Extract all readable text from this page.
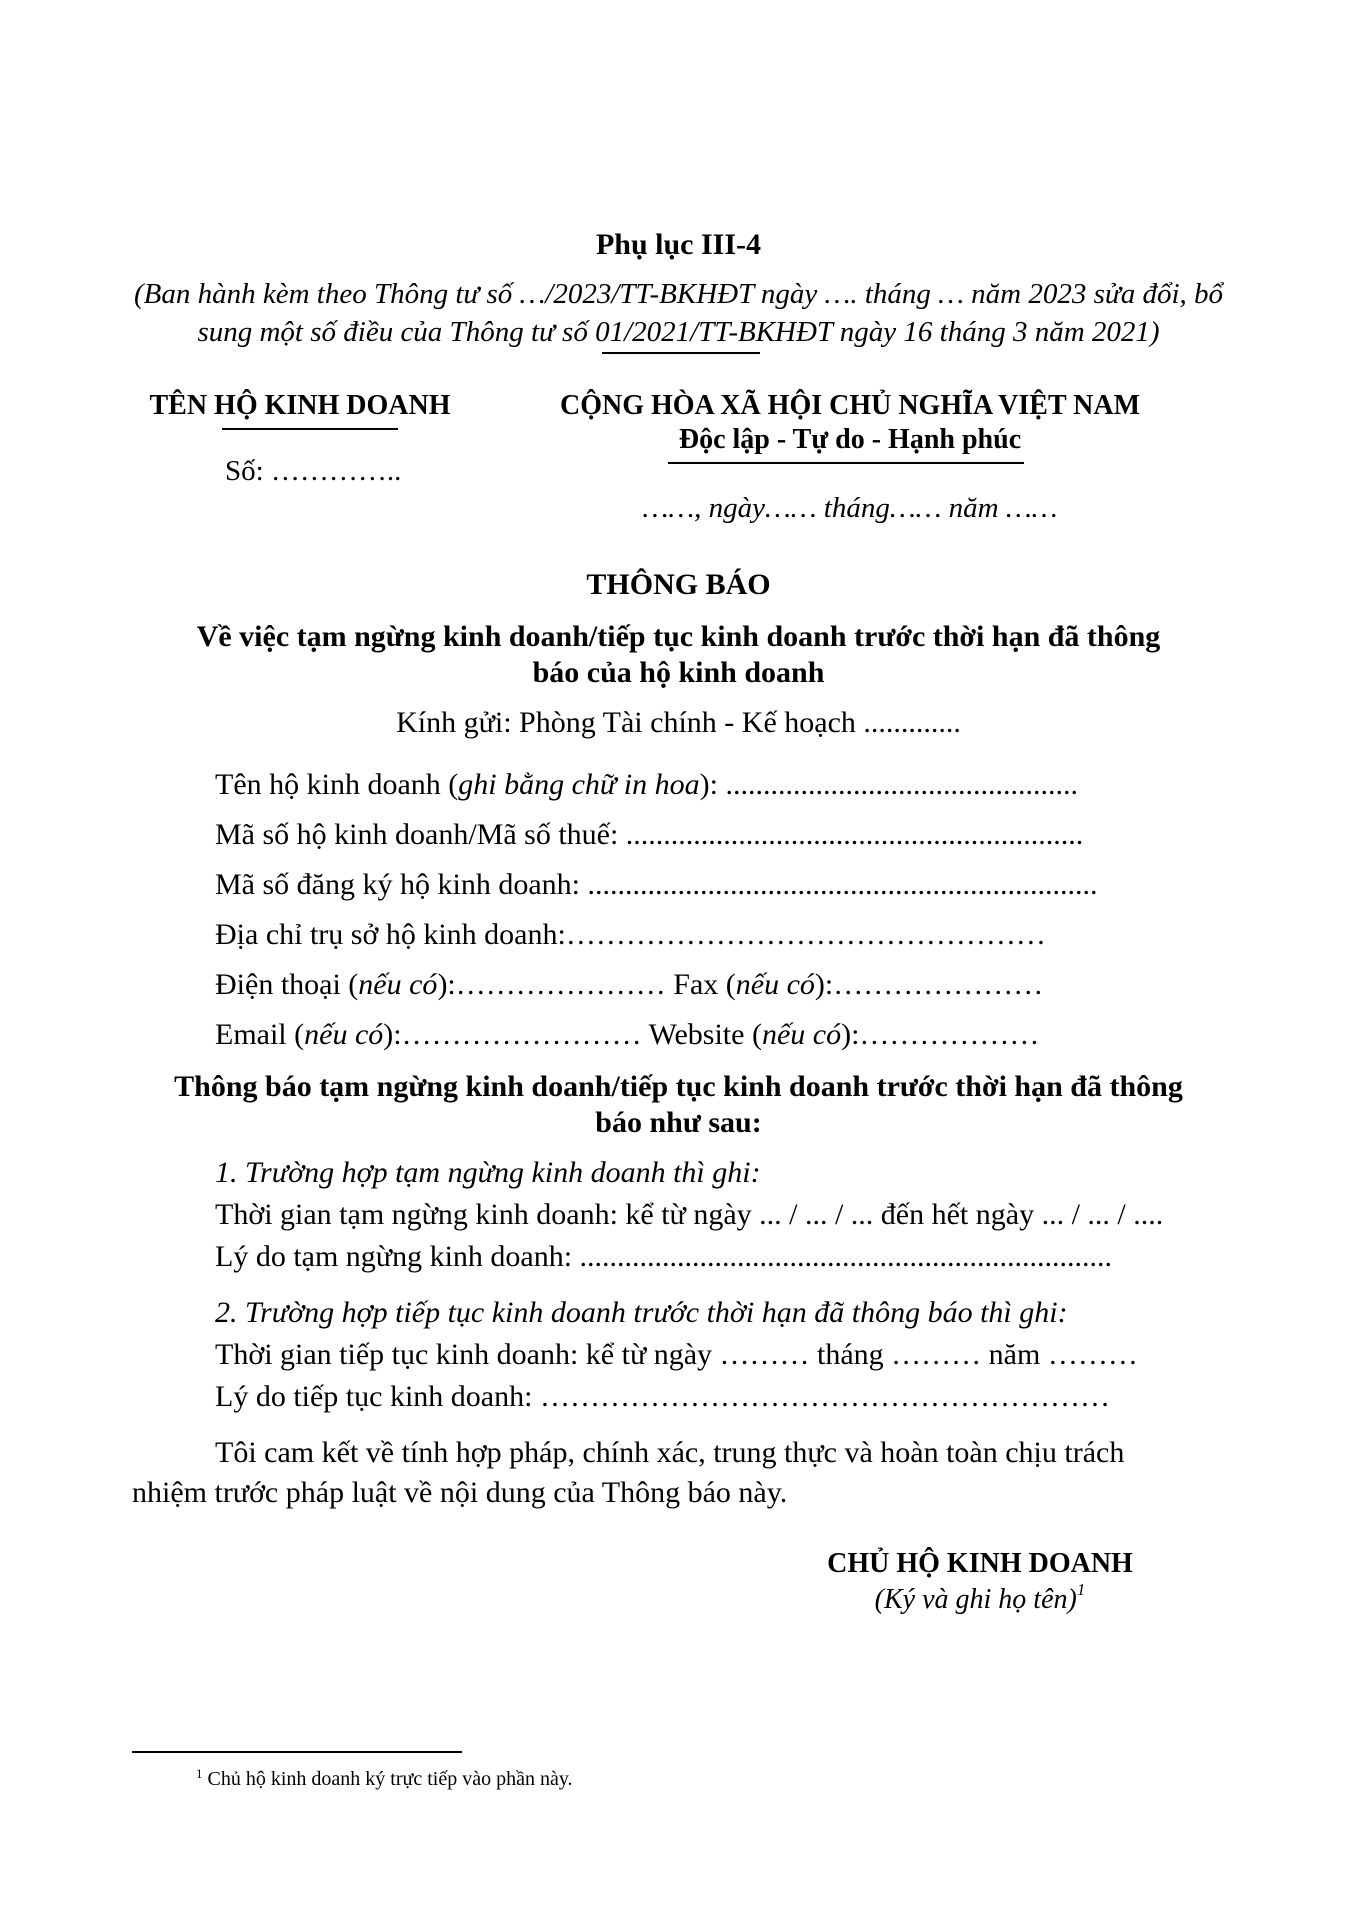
Phụ lục III-4
(Ban hành kèm theo Thông tư số …/2023/TT-BKHĐT ngày …. tháng … năm 2023 sửa đổi, bổ
sung một số điều của Thông tư số 01/2021/TT-BKHĐT ngày 16 tháng 3 năm 2021)
TÊN HỘ KINH DOANH
Số: …………..
CỘNG HÒA XÃ HỘI CHỦ NGHĨA VIỆT NAM
Độc lập - Tự do - Hạnh phúc
……, ngày…… tháng…… năm ……
THÔNG BÁO
Về việc tạm ngừng kinh doanh/tiếp tục kinh doanh trước thời hạn đã thông
báo của hộ kinh doanh
Kính gửi: Phòng Tài chính - Kế hoạch .............
Tên hộ kinh doanh (ghi bằng chữ in hoa): ...............................................
Mã số hộ kinh doanh/Mã số thuế: .............................................................
Mã số đăng ký hộ kinh doanh: ....................................................................
Địa chỉ trụ sở hộ kinh doanh:…………………………………………
Điện thoại (nếu có):………………… Fax (nếu có):…………………
Email (nếu có):…………………… Website (nếu có):………………
Thông báo tạm ngừng kinh doanh/tiếp tục kinh doanh trước thời hạn đã thông
báo như sau:
1. Trường hợp tạm ngừng kinh doanh thì ghi:
Thời gian tạm ngừng kinh doanh: kể từ ngày ... / ... / ... đến hết ngày ... / ... / ....
Lý do tạm ngừng kinh doanh: .......................................................................
2. Trường hợp tiếp tục kinh doanh trước thời hạn đã thông báo thì ghi:
Thời gian tiếp tục kinh doanh: kể từ ngày ……… tháng ……… năm ………
Lý do tiếp tục kinh doanh: …………………………………………………
Tôi cam kết về tính hợp pháp, chính xác, trung thực và hoàn toàn chịu trách
nhiệm trước pháp luật về nội dung của Thông báo này.
CHỦ HỘ KINH DOANH
(Ký và ghi họ tên)$^1$
$^1$ Chủ hộ kinh doanh ký trực tiếp vào phần này.
